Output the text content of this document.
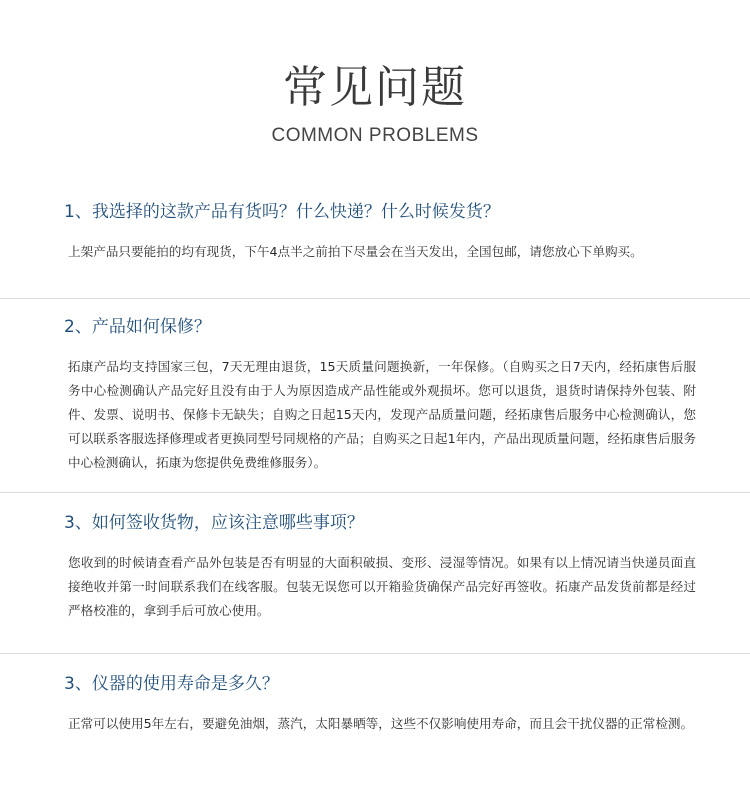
常见问题
COMMON PROBLEMS
1、我选择的这款产品有货吗？什么快递？什么时候发货？
上架产品只要能拍的均有现货，下午4点半之前拍下尽量会在当天发出，全国包邮，请您放心下单购买。
2、产品如何保修？
拓康产品均支持国家三包，7天无理由退货，15天质量问题换新，一年保修。（自购买之日7天内，经拓康售后服务中心检测确认产品完好且没有由于人为原因造成产品性能或外观损坏。您可以退货，退货时请保持外包装、附件、发票、说明书、保修卡无缺失；自购之日起15天内，发现产品质量问题，经拓康售后服务中心检测确认，您可以联系客服选择修理或者更换同型号同规格的产品；自购买之日起1年内，产品出现质量问题，经拓康售后服务中心检测确认，拓康为您提供免费维修服务）。
3、如何签收货物，应该注意哪些事项？
您收到的时候请查看产品外包装是否有明显的大面积破损、变形、浸湿等情况。如果有以上情况请当快递员面直接绝收并第一时间联系我们在线客服。包装无误您可以开箱验货确保产品完好再签收。拓康产品发货前都是经过严格校准的，拿到手后可放心使用。
3、仪器的使用寿命是多久？
正常可以使用5年左右，要避免油烟，蒸汽，太阳暴晒等，这些不仅影响使用寿命，而且会干扰仪器的正常检测。
